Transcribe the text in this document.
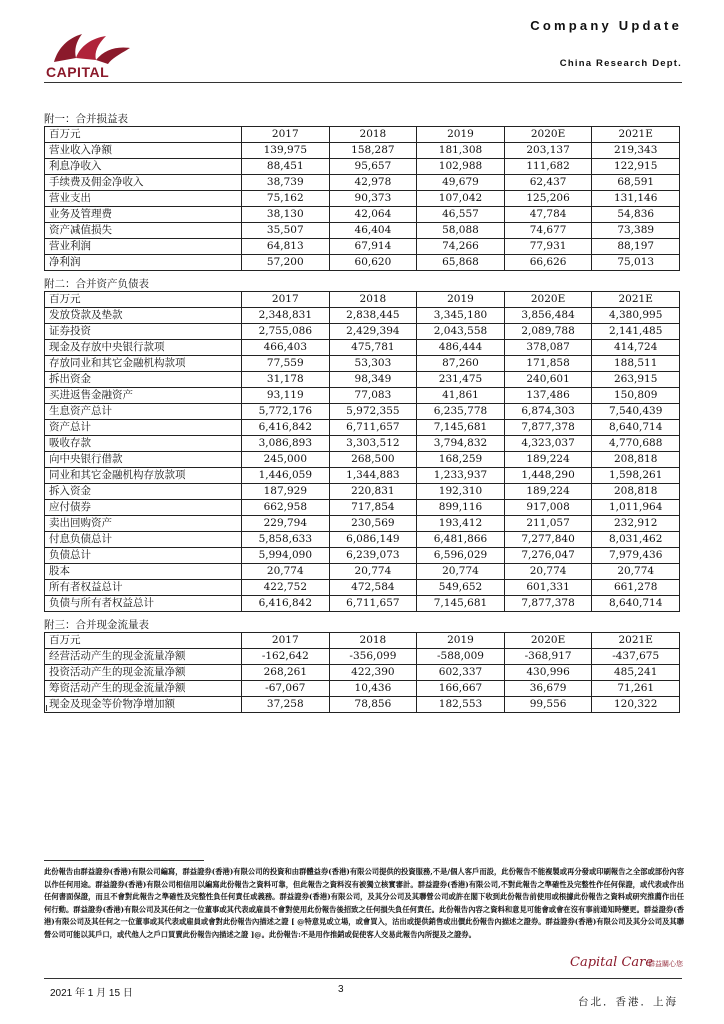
CAPITAL
Company Update
China Research Dept.
附一：合并损益表
百万元	2017	2018	2019	2020E	2021E
营业收入净额	139,975	158,287	181,308	203,137	219,343
利息净收入	88,451	95,657	102,988	111,682	122,915
手续费及佣金净收入	38,739	42,978	49,679	62,437	68,591
营业支出	75,162	90,373	107,042	125,206	131,146
业务及管理费	38,130	42,064	46,557	47,784	54,836
资产减值损失	35,507	46,404	58,088	74,677	73,389
营业利润	64,813	67,914	74,266	77,931	88,197
净利润	57,200	60,620	65,868	66,626	75,013
附二：合并资产负债表
百万元	2017	2018	2019	2020E	2021E
发放贷款及垫款	2,348,831	2,838,445	3,345,180	3,856,484	4,380,995
证券投资	2,755,086	2,429,394	2,043,558	2,089,788	2,141,485
现金及存放中央银行款项	466,403	475,781	486,444	378,087	414,724
存放同业和其它金融机构款项	77,559	53,303	87,260	171,858	188,511
拆出资金	31,178	98,349	231,475	240,601	263,915
买进返售金融资产	93,119	77,083	41,861	137,486	150,809
生息资产总计	5,772,176	5,972,355	6,235,778	6,874,303	7,540,439
资产总计	6,416,842	6,711,657	7,145,681	7,877,378	8,640,714
吸收存款	3,086,893	3,303,512	3,794,832	4,323,037	4,770,688
向中央银行借款	245,000	268,500	168,259	189,224	208,818
同业和其它金融机构存放款项	1,446,059	1,344,883	1,233,937	1,448,290	1,598,261
拆入资金	187,929	220,831	192,310	189,224	208,818
应付债券	662,958	717,854	899,116	917,008	1,011,964
卖出回购资产	229,794	230,569	193,412	211,057	232,912
付息负债总计	5,858,633	6,086,149	6,481,866	7,277,840	8,031,462
负债总计	5,994,090	6,239,073	6,596,029	7,276,047	7,979,436
股本	20,774	20,774	20,774	20,774	20,774
所有者权益总计	422,752	472,584	549,652	601,331	661,278
负债与所有者权益总计	6,416,842	6,711,657	7,145,681	7,877,378	8,640,714
附三：合并现金流量表
百万元	2017	2018	2019	2020E	2021E
经营活动产生的现金流量净额	-162,642	-356,099	-588,009	-368,917	-437,675
投资活动产生的现金流量净额	268,261	422,390	602,337	430,996	485,241
筹资活动产生的现金流量净额	-67,067	10,436	166,667	36,679	71,261
现金及现金等价物净增加额	37,258	78,856	182,553	99,556	120,322
此份報告由群益證券(香港)有限公司編寫，群益證券(香港)有限公司的投資和由群體益券(香港)有限公司提供的投資服務,不是/個人客戶而設，此份報告不能複製或再分發或印刷報告之全部或部份內容以作任何用途。群益證券(香港)有限公司相信用以編寫此份報告之資料可靠，但此報告之資料沒有被獨立核實審計。群益證券(香港)有限公司,不對此報告之準確性及完整性作任何保證，或代表或作出任何書面保證，而且不會對此報告之準確性及完整性負任何責任或義務。群益證券(香港)有限公司，及其分公司及其聯營公司或許在閣下收到此份報告前使用或根據此份報告之資料或研究推薦作出任何行動。群益證券(香港)有限公司及其任何之一位董事或其代表或雇員不會對使用此份報告後招致之任何損失負任何責任。此份報告內容之資料和意見可能會或會在沒有事前通知時變更。群益證券(香港)有限公司及其任何之一位董事或其代表或雇員或會對此份報告內描述之證 [ @特意見或立場，或會買入，沽出或提供銷售或出價此份報告內描述之證券。群益證券(香港)有限公司及其分公司及其聯營公司可能以其戶口，或代他人之戶口買賣此份報告內描述之證 ]@。此份報告:不是用作推銷或促使客人交易此報告內所提及之證券。
Capital Care
群益關心您
2021 年 1 月 15 日	3
台北．香港．上海
